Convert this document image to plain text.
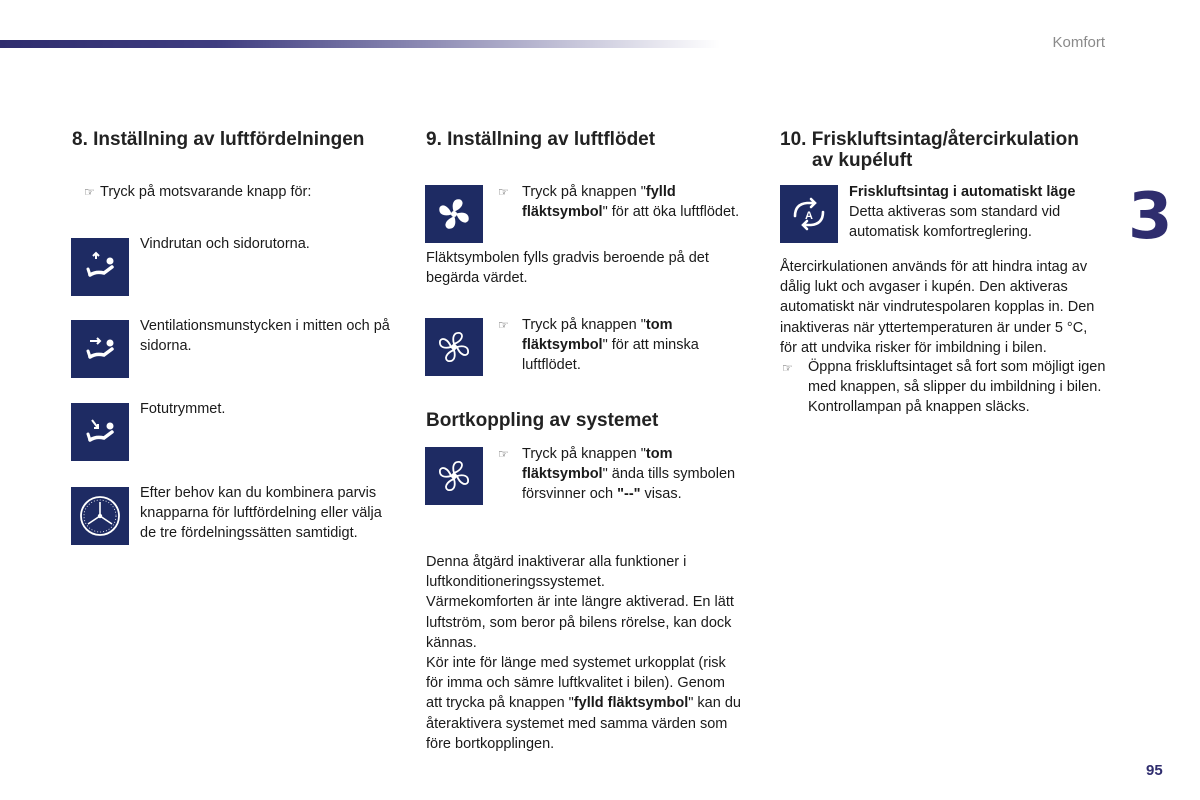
Komfort
3
95
8. Inställning av luftfördelningen
☞ Tryck på motsvarande knapp för:
Vindrutan och sidorutorna.
Ventilationsmunstycken i mitten och på sidorna.
Fotutrymmet.
Efter behov kan du kombinera parvis knapparna för luftfördelning eller välja de tre fördelningssätten samtidigt.
9. Inställning av luftflödet
☞ Tryck på knappen "fylld fläktsymbol" för att öka luftflödet.
Fläktsymbolen fylls gradvis beroende på det begärda värdet.
☞ Tryck på knappen "tom fläktsymbol" för att minska luftflödet.
Bortkoppling av systemet
☞ Tryck på knappen "tom fläktsymbol" ända tills symbolen försvinner och "--" visas.
Denna åtgärd inaktiverar alla funktioner i luftkonditioneringssystemet.
Värmekomforten är inte längre aktiverad. En lätt luftström, som beror på bilens rörelse, kan dock kännas.
Kör inte för länge med systemet urkopplat (risk för imma och sämre luftkvalitet i bilen). Genom att trycka på knappen "fylld fläktsymbol" kan du återaktivera systemet med samma värden som före bortkopplingen.
10. Friskluftsintag/återcirkulation
av kupéluft
A
Friskluftsintag i automatiskt läge
Detta aktiveras som standard vid automatisk komfortreglering.
Återcirkulationen används för att hindra intag av dålig lukt och avgaser i kupén. Den aktiveras automatiskt när vindrutespolaren kopplas in. Den inaktiveras när yttertemperaturen är under 5 °C, för att undvika risker för imbildning i bilen.
☞ Öppna friskluftsintaget så fort som möjligt igen med knappen, så slipper du imbildning i bilen. Kontrollampan på knappen släcks.
